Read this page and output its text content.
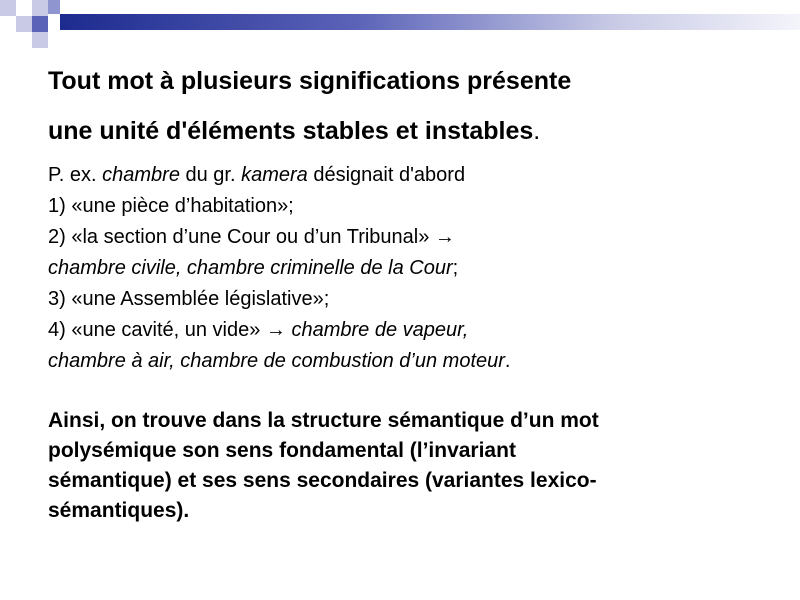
Tout mot à plusieurs significations présente

une unité d'éléments stables et instables.

P. ex. chambre du gr. kamera désignait d'abord

1) «une pièce d’habitation»;

2) «la section d’une Cour ou d’un Tribunal» →

chambre civile, chambre criminelle de la Cour;

3) «une Assemblée législative»;

4) «une cavité, un vide» → chambre de vapeur,

chambre à air, chambre de combustion d’un moteur.

Ainsi, on trouve dans la structure sémantique d’un mot

polysémique son sens fondamental (l’invariant

sémantique) et ses sens secondaires (variantes lexico-

sémantiques).
